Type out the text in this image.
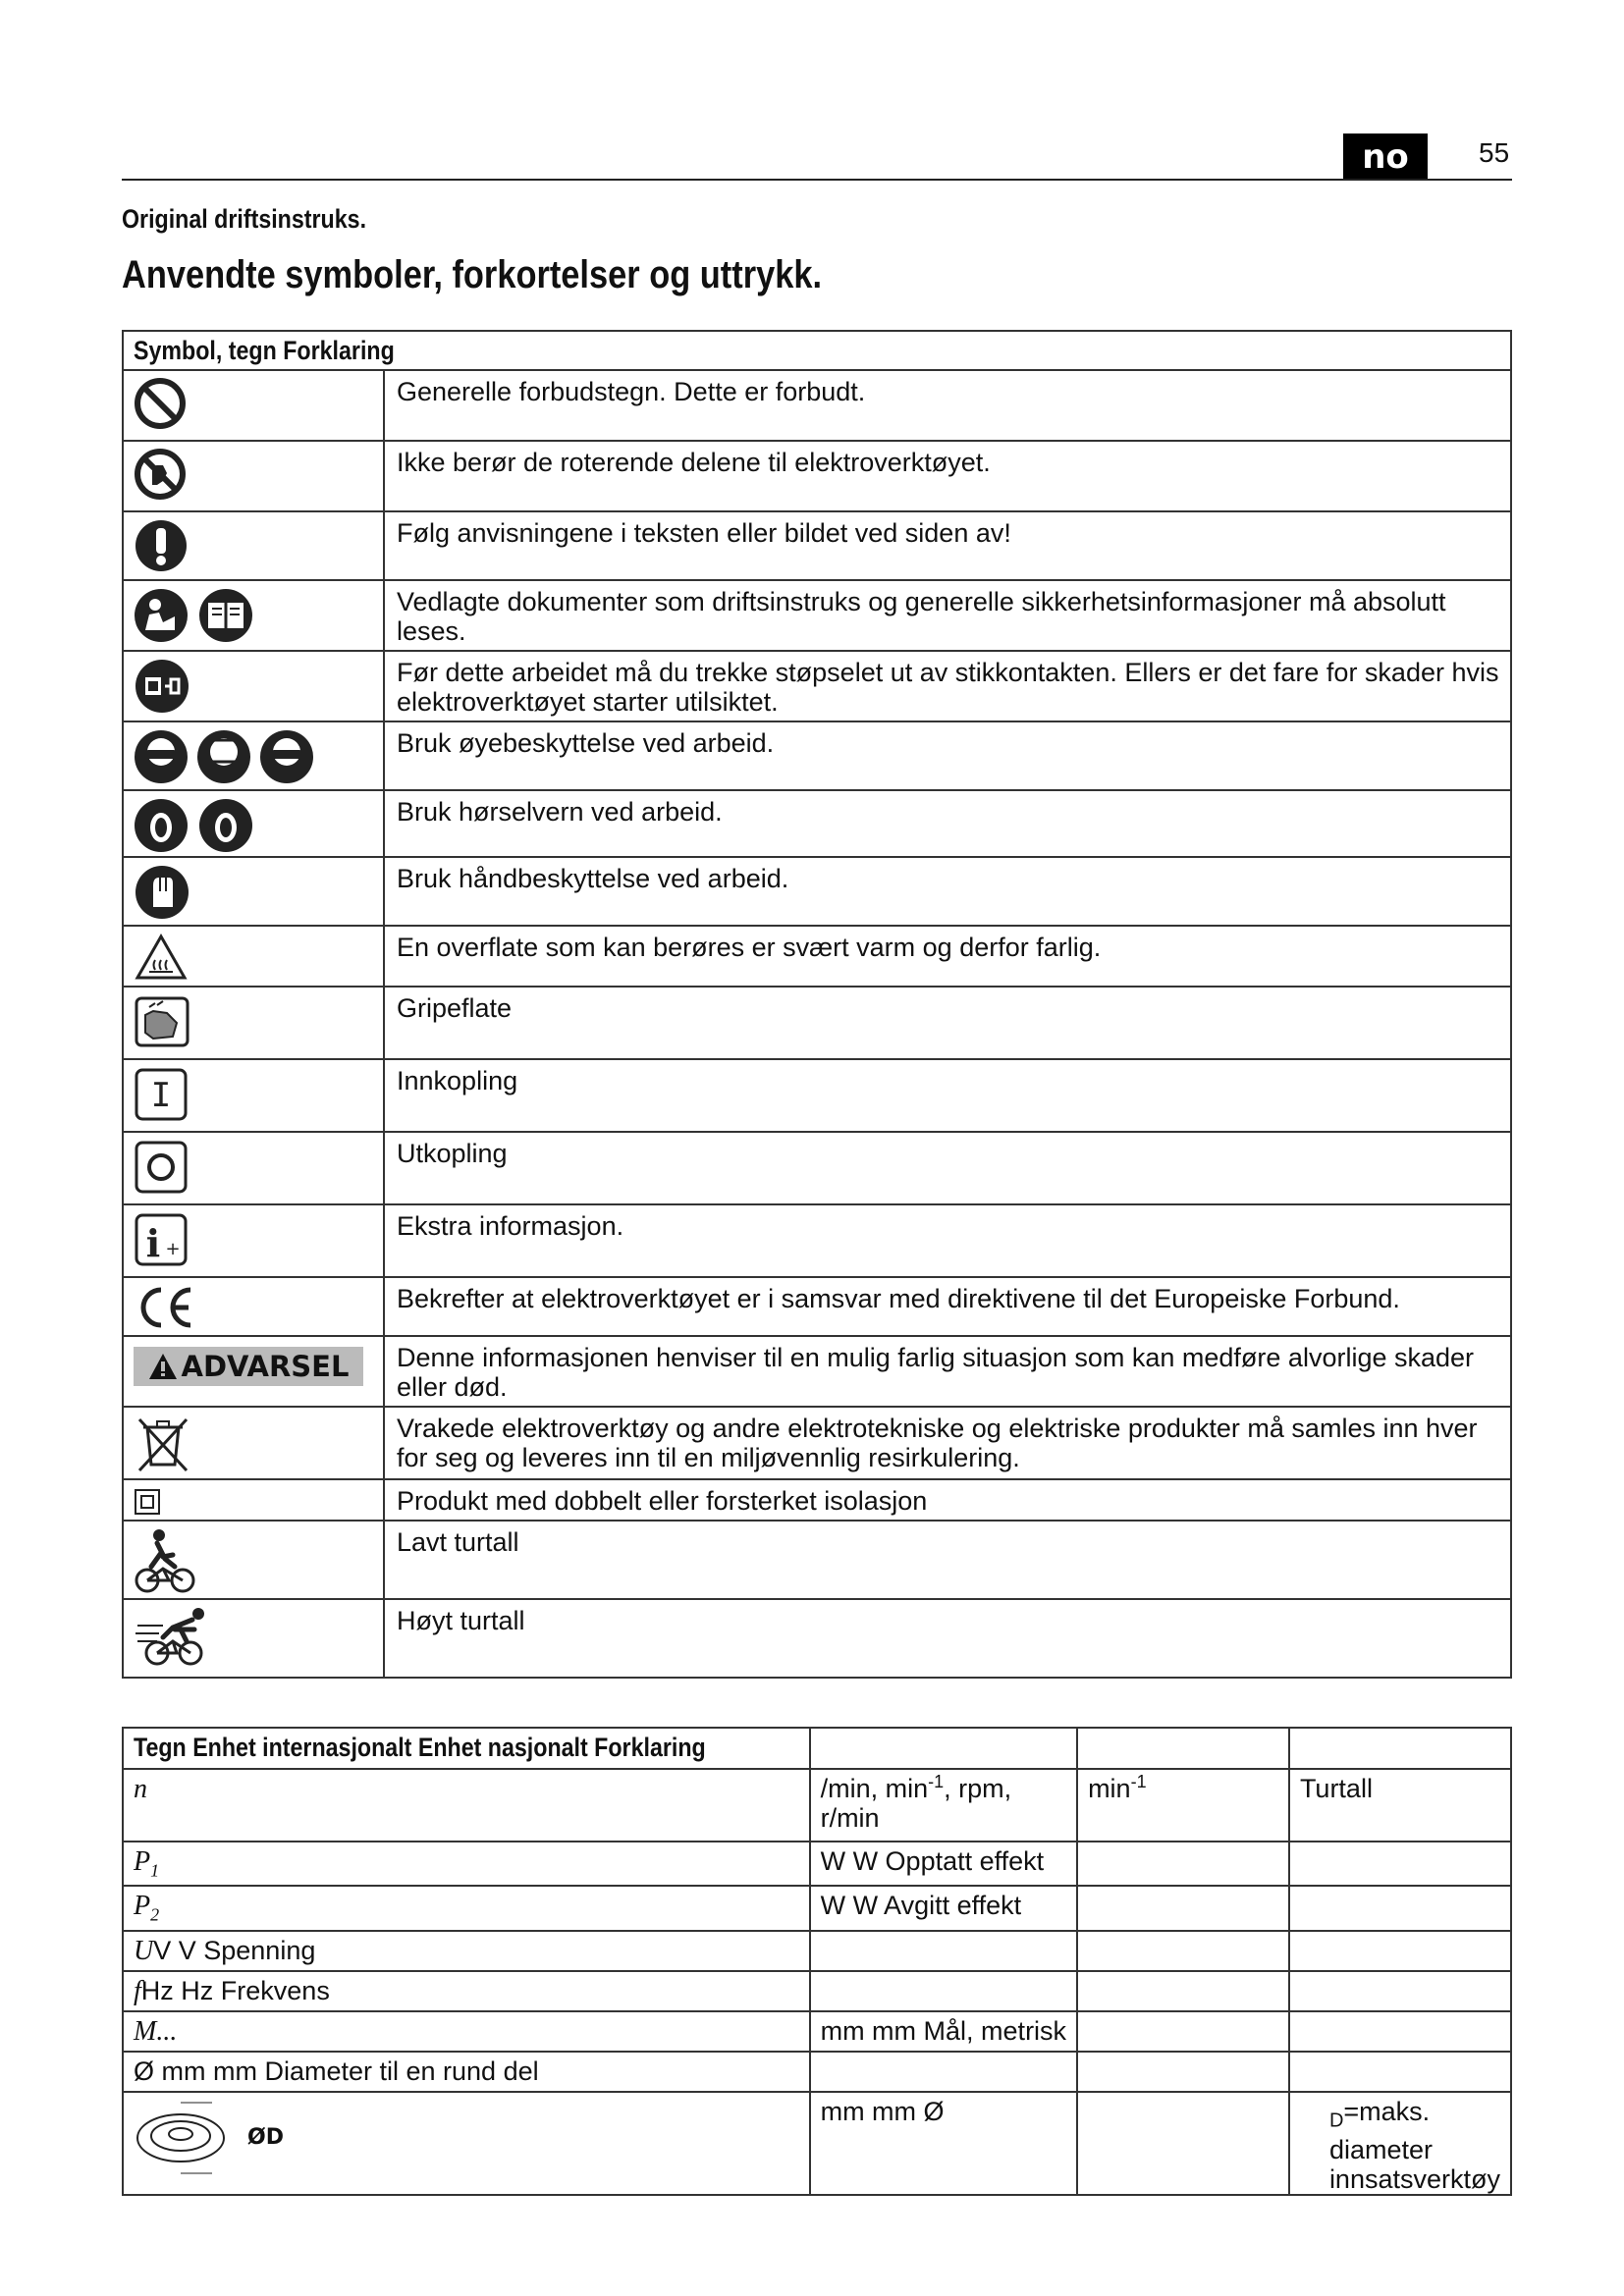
no	55
Original driftsinstruks.
Anvendte symboler, forkortelser og uttrykk.
Symbol, tegn Forklaring	

	Generelle forbudstegn. Dette er forbudt.

	Ikke berør de roterende delene til elektroverktøyet.

	Følg anvisningene i teksten eller bildet ved siden av!

	Vedlagte dokumenter som driftsinstruks og generelle sikkerhetsinformasjoner må absolutt leses.

	Før dette arbeidet må du trekke støpselet ut av stikkontakten. Ellers er det fare for skader hvis elektroverktøyet starter utilsiktet.

	Bruk øyebeskyttelse ved arbeid.

	Bruk hørselvern ved arbeid.

	Bruk håndbeskyttelse ved arbeid.

	En overflate som kan berøres er svært varm og derfor farlig.

	Gripeflate

I	Innkopling

	Utkopling

i +	Ekstra informasjon.

	Bekrefter at elektroverktøyet er i samsvar med direktivene til det Europeiske Forbund.

ADVARSEL	Denne informasjonen henviser til en mulig farlig situasjon som kan medføre alvorlige skader eller død.

	Vrakede elektroverktøy og andre elektrotekniske og elektriske produkter må samles inn hver for seg og leveres inn til en miljøvennlig resirkulering.

	Produkt med dobbelt eller forsterket isolasjon

	Lavt turtall

	Høyt turtall
Tegn Enhet internasjonalt Enhet nasjonalt Forklaring			
n	/min, $\min^{-1}$, rpm, r/min	$\min^{-1}$	Turtall
$P_1$	W W Opptatt effekt		
$P_2$	W W Avgitt effekt		
UV V Spenning			
fHz Hz Frekvens			
M...	mm mm Mål, metrisk		
Ø mm mm Diameter til en rund del			

ØD	mm mm Ø		$_D$=maks. diameter innsatsverktøy
